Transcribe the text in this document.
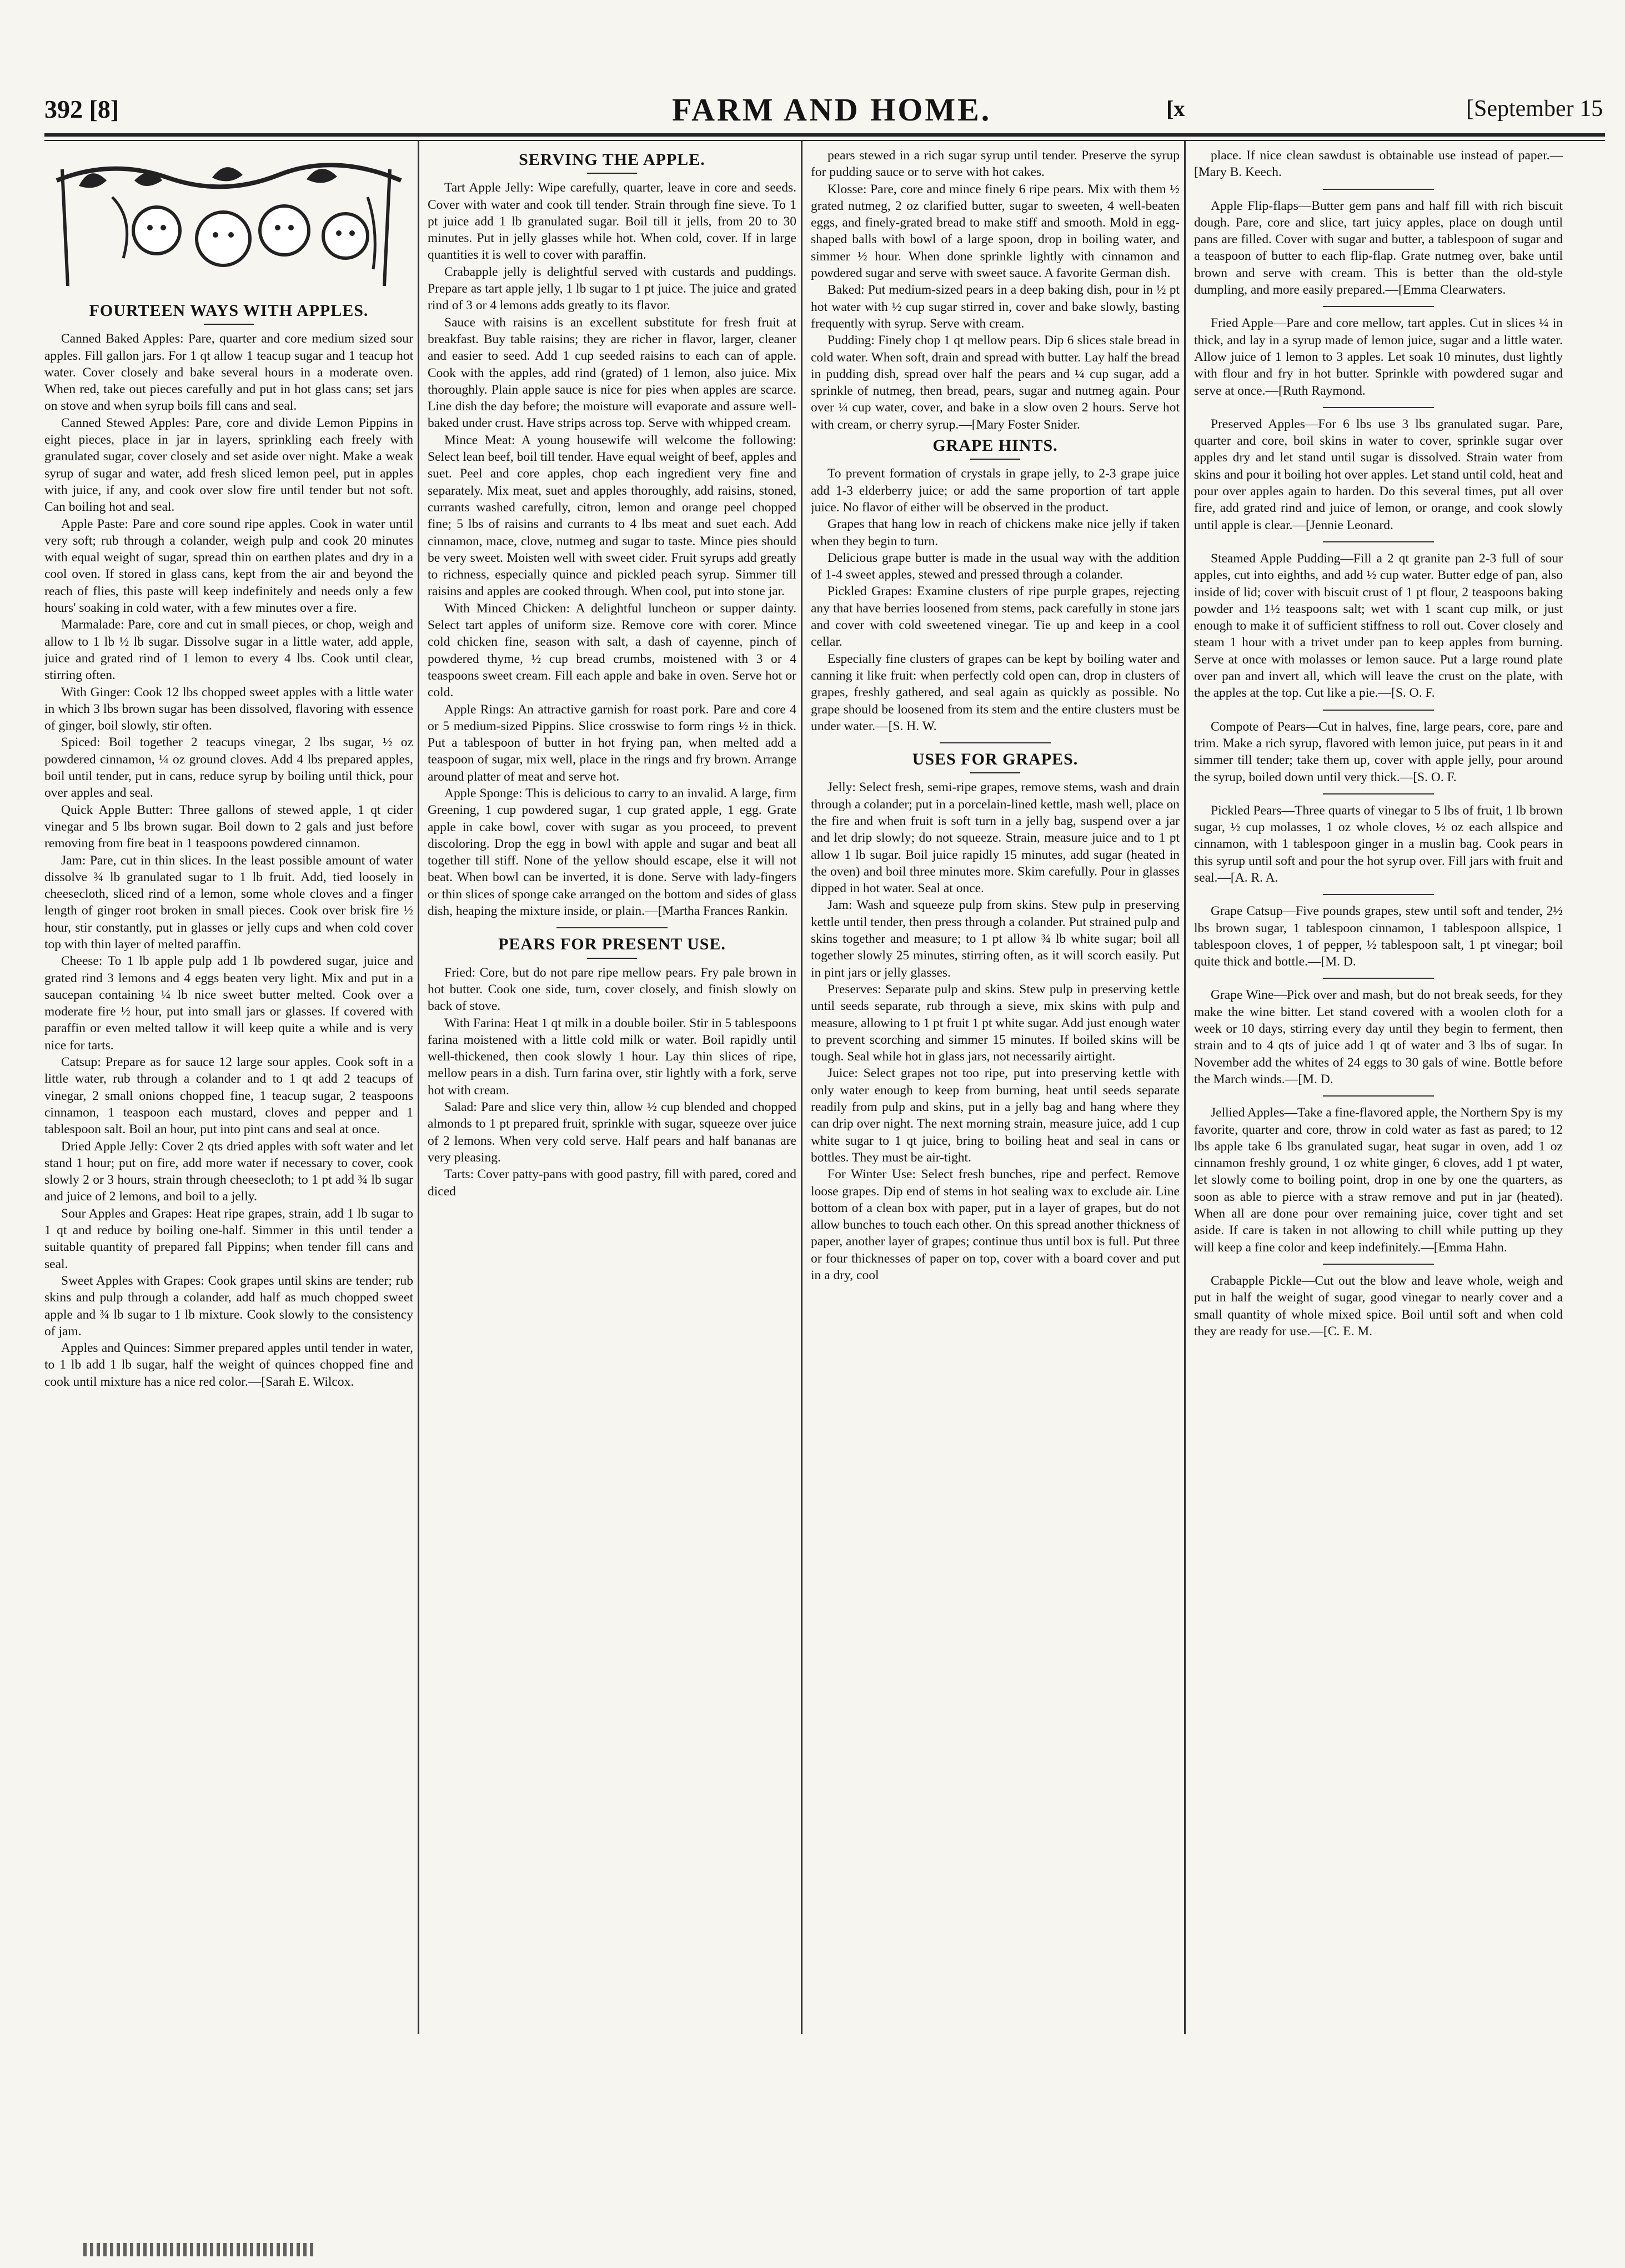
392 [8]	FARM AND HOME.	[x	[September 15
FOURTEEN WAYS WITH APPLES.

Canned Baked Apples: Pare, quarter and core medium sized sour apples. Fill gallon jars. For 1 qt allow 1 teacup sugar and 1 teacup hot water. Cover closely and bake several hours in a moderate oven. When red, take out pieces carefully and put in hot glass cans; set jars on stove and when syrup boils fill cans and seal.

Canned Stewed Apples: Pare, core and divide Lemon Pippins in eight pieces, place in jar in layers, sprinkling each freely with granulated sugar, cover closely and set aside over night. Make a weak syrup of sugar and water, add fresh sliced lemon peel, put in apples with juice, if any, and cook over slow fire until tender but not soft. Can boiling hot and seal.

Apple Paste: Pare and core sound ripe apples. Cook in water until very soft; rub through a colander, weigh pulp and cook 20 minutes with equal weight of sugar, spread thin on earthen plates and dry in a cool oven. If stored in glass cans, kept from the air and beyond the reach of flies, this paste will keep indefinitely and needs only a few hours' soaking in cold water, with a few minutes over a fire.

Marmalade: Pare, core and cut in small pieces, or chop, weigh and allow to 1 lb ½ lb sugar. Dissolve sugar in a little water, add apple, juice and grated rind of 1 lemon to every 4 lbs. Cook until clear, stirring often.

With Ginger: Cook 12 lbs chopped sweet apples with a little water in which 3 lbs brown sugar has been dissolved, flavoring with essence of ginger, boil slowly, stir often.

Spiced: Boil together 2 teacups vinegar, 2 lbs sugar, ½ oz powdered cinnamon, ¼ oz ground cloves. Add 4 lbs prepared apples, boil until tender, put in cans, reduce syrup by boiling until thick, pour over apples and seal.

Quick Apple Butter: Three gallons of stewed apple, 1 qt cider vinegar and 5 lbs brown sugar. Boil down to 2 gals and just before removing from fire beat in 1 teaspoons powdered cinnamon.

Jam: Pare, cut in thin slices. In the least possible amount of water dissolve ¾ lb granulated sugar to 1 lb fruit. Add, tied loosely in cheesecloth, sliced rind of a lemon, some whole cloves and a finger length of ginger root broken in small pieces. Cook over brisk fire ½ hour, stir constantly, put in glasses or jelly cups and when cold cover top with thin layer of melted paraffin.

Cheese: To 1 lb apple pulp add 1 lb powdered sugar, juice and grated rind 3 lemons and 4 eggs beaten very light. Mix and put in a saucepan containing ¼ lb nice sweet butter melted. Cook over a moderate fire ½ hour, put into small jars or glasses. If covered with paraffin or even melted tallow it will keep quite a while and is very nice for tarts.

Catsup: Prepare as for sauce 12 large sour apples. Cook soft in a little water, rub through a colander and to 1 qt add 2 teacups of vinegar, 2 small onions chopped fine, 1 teacup sugar, 2 teaspoons cinnamon, 1 teaspoon each mustard, cloves and pepper and 1 tablespoon salt. Boil an hour, put into pint cans and seal at once.

Dried Apple Jelly: Cover 2 qts dried apples with soft water and let stand 1 hour; put on fire, add more water if necessary to cover, cook slowly 2 or 3 hours, strain through cheesecloth; to 1 pt add ¾ lb sugar and juice of 2 lemons, and boil to a jelly.

Sour Apples and Grapes: Heat ripe grapes, strain, add 1 lb sugar to 1 qt and reduce by boiling one-half. Simmer in this until tender a suitable quantity of prepared fall Pippins; when tender fill cans and seal.

Sweet Apples with Grapes: Cook grapes until skins are tender; rub skins and pulp through a colander, add half as much chopped sweet apple and ¾ lb sugar to 1 lb mixture. Cook slowly to the consistency of jam.

Apples and Quinces: Simmer prepared apples until tender in water, to 1 lb add 1 lb sugar, half the weight of quinces chopped fine and cook until mixture has a nice red color.—[Sarah E. Wilcox.

SERVING THE APPLE.

Tart Apple Jelly: Wipe carefully, quarter, leave in core and seeds. Cover with water and cook till tender. Strain through fine sieve. To 1 pt juice add 1 lb granulated sugar. Boil till it jells, from 20 to 30 minutes. Put in jelly glasses while hot. When cold, cover. If in large quantities it is well to cover with paraffin.

Crabapple jelly is delightful served with custards and puddings. Prepare as tart apple jelly, 1 lb sugar to 1 pt juice. The juice and grated rind of 3 or 4 lemons adds greatly to its flavor.

Sauce with raisins is an excellent substitute for fresh fruit at breakfast. Buy table raisins; they are richer in flavor, larger, cleaner and easier to seed. Add 1 cup seeded raisins to each can of apple. Cook with the apples, add rind (grated) of 1 lemon, also juice. Mix thoroughly. Plain apple sauce is nice for pies when apples are scarce. Line dish the day before; the moisture will evaporate and assure well-baked under crust. Have strips across top. Serve with whipped cream.

Mince Meat: A young housewife will welcome the following: Select lean beef, boil till tender. Have equal weight of beef, apples and suet. Peel and core apples, chop each ingredient very fine and separately. Mix meat, suet and apples thoroughly, add raisins, stoned, currants washed carefully, citron, lemon and orange peel chopped fine; 5 lbs of raisins and currants to 4 lbs meat and suet each. Add cinnamon, mace, clove, nutmeg and sugar to taste. Mince pies should be very sweet. Moisten well with sweet cider. Fruit syrups add greatly to richness, especially quince and pickled peach syrup. Simmer till raisins and apples are cooked through. When cool, put into stone jar.

With Minced Chicken: A delightful luncheon or supper dainty. Select tart apples of uniform size. Remove core with corer. Mince cold chicken fine, season with salt, a dash of cayenne, pinch of powdered thyme, ½ cup bread crumbs, moistened with 3 or 4 teaspoons sweet cream. Fill each apple and bake in oven. Serve hot or cold.

Apple Rings: An attractive garnish for roast pork. Pare and core 4 or 5 medium-sized Pippins. Slice crosswise to form rings ½ in thick. Put a tablespoon of butter in hot frying pan, when melted add a teaspoon of sugar, mix well, place in the rings and fry brown. Arrange around platter of meat and serve hot.

Apple Sponge: This is delicious to carry to an invalid. A large, firm Greening, 1 cup powdered sugar, 1 cup grated apple, 1 egg. Grate apple in cake bowl, cover with sugar as you proceed, to prevent discoloring. Drop the egg in bowl with apple and sugar and beat all together till stiff. None of the yellow should escape, else it will not beat. When bowl can be inverted, it is done. Serve with lady-fingers or thin slices of sponge cake arranged on the bottom and sides of glass dish, heaping the mixture inside, or plain.—[Martha Frances Rankin.

PEARS FOR PRESENT USE.

Fried: Core, but do not pare ripe mellow pears. Fry pale brown in hot butter. Cook one side, turn, cover closely, and finish slowly on back of stove.

With Farina: Heat 1 qt milk in a double boiler. Stir in 5 tablespoons farina moistened with a little cold milk or water. Boil rapidly until well-thickened, then cook slowly 1 hour. Lay thin slices of ripe, mellow pears in a dish. Turn farina over, stir lightly with a fork, serve hot with cream.

Salad: Pare and slice very thin, allow ½ cup blended and chopped almonds to 1 pt prepared fruit, sprinkle with sugar, squeeze over juice of 2 lemons. When very cold serve. Half pears and half bananas are very pleasing.

Tarts: Cover patty-pans with good pastry, fill with pared, cored and diced

pears stewed in a rich sugar syrup until tender. Preserve the syrup for pudding sauce or to serve with hot cakes.

Klosse: Pare, core and mince finely 6 ripe pears. Mix with them ½ grated nutmeg, 2 oz clarified butter, sugar to sweeten, 4 well-beaten eggs, and finely-grated bread to make stiff and smooth. Mold in egg-shaped balls with bowl of a large spoon, drop in boiling water, and simmer ½ hour. When done sprinkle lightly with cinnamon and powdered sugar and serve with sweet sauce. A favorite German dish.

Baked: Put medium-sized pears in a deep baking dish, pour in ½ pt hot water with ½ cup sugar stirred in, cover and bake slowly, basting frequently with syrup. Serve with cream.

Pudding: Finely chop 1 qt mellow pears. Dip 6 slices stale bread in cold water. When soft, drain and spread with butter. Lay half the bread in pudding dish, spread over half the pears and ¼ cup sugar, add a sprinkle of nutmeg, then bread, pears, sugar and nutmeg again. Pour over ¼ cup water, cover, and bake in a slow oven 2 hours. Serve hot with cream, or cherry syrup.—[Mary Foster Snider.

GRAPE HINTS.

To prevent formation of crystals in grape jelly, to 2-3 grape juice add 1-3 elderberry juice; or add the same proportion of tart apple juice. No flavor of either will be observed in the product.

Grapes that hang low in reach of chickens make nice jelly if taken when they begin to turn.

Delicious grape butter is made in the usual way with the addition of 1-4 sweet apples, stewed and pressed through a colander.

Pickled Grapes: Examine clusters of ripe purple grapes, rejecting any that have berries loosened from stems, pack carefully in stone jars and cover with cold sweetened vinegar. Tie up and keep in a cool cellar.

Especially fine clusters of grapes can be kept by boiling water and canning it like fruit: when perfectly cold open can, drop in clusters of grapes, freshly gathered, and seal again as quickly as possible. No grape should be loosened from its stem and the entire clusters must be under water.—[S. H. W.

USES FOR GRAPES.

Jelly: Select fresh, semi-ripe grapes, remove stems, wash and drain through a colander; put in a porcelain-lined kettle, mash well, place on the fire and when fruit is soft turn in a jelly bag, suspend over a jar and let drip slowly; do not squeeze. Strain, measure juice and to 1 pt allow 1 lb sugar. Boil juice rapidly 15 minutes, add sugar (heated in the oven) and boil three minutes more. Skim carefully. Pour in glasses dipped in hot water. Seal at once.

Jam: Wash and squeeze pulp from skins. Stew pulp in preserving kettle until tender, then press through a colander. Put strained pulp and skins together and measure; to 1 pt allow ¾ lb white sugar; boil all together slowly 25 minutes, stirring often, as it will scorch easily. Put in pint jars or jelly glasses.

Preserves: Separate pulp and skins. Stew pulp in preserving kettle until seeds separate, rub through a sieve, mix skins with pulp and measure, allowing to 1 pt fruit 1 pt white sugar. Add just enough water to prevent scorching and simmer 15 minutes. If boiled skins will be tough. Seal while hot in glass jars, not necessarily airtight.

Juice: Select grapes not too ripe, put into preserving kettle with only water enough to keep from burning, heat until seeds separate readily from pulp and skins, put in a jelly bag and hang where they can drip over night. The next morning strain, measure juice, add 1 cup white sugar to 1 qt juice, bring to boiling heat and seal in cans or bottles. They must be air-tight.

For Winter Use: Select fresh bunches, ripe and perfect. Remove loose grapes. Dip end of stems in hot sealing wax to exclude air. Line bottom of a clean box with paper, put in a layer of grapes, but do not allow bunches to touch each other. On this spread another thickness of paper, another layer of grapes; continue thus until box is full. Put three or four thicknesses of paper on top, cover with a board cover and put in a dry, cool

place. If nice clean sawdust is obtainable use instead of paper.—[Mary B. Keech.

Apple Flip-flaps—Butter gem pans and half fill with rich biscuit dough. Pare, core and slice, tart juicy apples, place on dough until pans are filled. Cover with sugar and butter, a tablespoon of sugar and a teaspoon of butter to each flip-flap. Grate nutmeg over, bake until brown and serve with cream. This is better than the old-style dumpling, and more easily prepared.—[Emma Clearwaters.

Fried Apple—Pare and core mellow, tart apples. Cut in slices ¼ in thick, and lay in a syrup made of lemon juice, sugar and a little water. Allow juice of 1 lemon to 3 apples. Let soak 10 minutes, dust lightly with flour and fry in hot butter. Sprinkle with powdered sugar and serve at once.—[Ruth Raymond.

Preserved Apples—For 6 lbs use 3 lbs granulated sugar. Pare, quarter and core, boil skins in water to cover, sprinkle sugar over apples dry and let stand until sugar is dissolved. Strain water from skins and pour it boiling hot over apples. Let stand until cold, heat and pour over apples again to harden. Do this several times, put all over fire, add grated rind and juice of lemon, or orange, and cook slowly until apple is clear.—[Jennie Leonard.

Steamed Apple Pudding—Fill a 2 qt granite pan 2-3 full of sour apples, cut into eighths, and add ½ cup water. Butter edge of pan, also inside of lid; cover with biscuit crust of 1 pt flour, 2 teaspoons baking powder and 1½ teaspoons salt; wet with 1 scant cup milk, or just enough to make it of sufficient stiffness to roll out. Cover closely and steam 1 hour with a trivet under pan to keep apples from burning. Serve at once with molasses or lemon sauce. Put a large round plate over pan and invert all, which will leave the crust on the plate, with the apples at the top. Cut like a pie.—[S. O. F.

Compote of Pears—Cut in halves, fine, large pears, core, pare and trim. Make a rich syrup, flavored with lemon juice, put pears in it and simmer till tender; take them up, cover with apple jelly, pour around the syrup, boiled down until very thick.—[S. O. F.

Pickled Pears—Three quarts of vinegar to 5 lbs of fruit, 1 lb brown sugar, ½ cup molasses, 1 oz whole cloves, ½ oz each allspice and cinnamon, with 1 tablespoon ginger in a muslin bag. Cook pears in this syrup until soft and pour the hot syrup over. Fill jars with fruit and seal.—[A. R. A.

Grape Catsup—Five pounds grapes, stew until soft and tender, 2½ lbs brown sugar, 1 tablespoon cinnamon, 1 tablespoon allspice, 1 tablespoon cloves, 1 of pepper, ½ tablespoon salt, 1 pt vinegar; boil quite thick and bottle.—[M. D.

Grape Wine—Pick over and mash, but do not break seeds, for they make the wine bitter. Let stand covered with a woolen cloth for a week or 10 days, stirring every day until they begin to ferment, then strain and to 4 qts of juice add 1 qt of water and 3 lbs of sugar. In November add the whites of 24 eggs to 30 gals of wine. Bottle before the March winds.—[M. D.

Jellied Apples—Take a fine-flavored apple, the Northern Spy is my favorite, quarter and core, throw in cold water as fast as pared; to 12 lbs apple take 6 lbs granulated sugar, heat sugar in oven, add 1 oz cinnamon freshly ground, 1 oz white ginger, 6 cloves, add 1 pt water, let slowly come to boiling point, drop in one by one the quarters, as soon as able to pierce with a straw remove and put in jar (heated). When all are done pour over remaining juice, cover tight and set aside. If care is taken in not allowing to chill while putting up they will keep a fine color and keep indefinitely.—[Emma Hahn.

Crabapple Pickle—Cut out the blow and leave whole, weigh and put in half the weight of sugar, good vinegar to nearly cover and a small quantity of whole mixed spice. Boil until soft and when cold they are ready for use.—[C. E. M.
